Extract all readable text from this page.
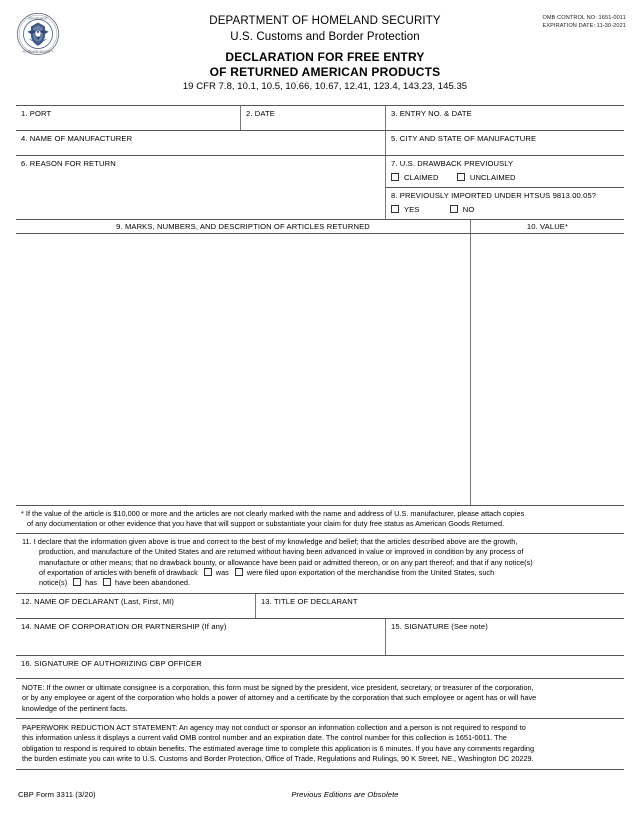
DEPARTMENT
HOMELAND SECURITY
OMB CONTROL NO: 1651-0011
EXPIRATION DATE: 11-30-2021
DEPARTMENT OF HOMELAND SECURITY
U.S. Customs and Border Protection
DECLARATION FOR FREE ENTRY
OF RETURNED AMERICAN PRODUCTS
19 CFR 7.8, 10.1, 10.5, 10.66, 10.67, 12.41, 123.4, 143.23, 145.35
1. PORT	2. DATE	3. ENTRY NO. & DATE
4. NAME OF MANUFACTURER	5. CITY AND STATE OF MANUFACTURE
6. REASON FOR RETURN	7. U.S. DRAWBACK PREVIOUSLY
CLAIMED	UNCLAIMED
8. PREVIOUSLY IMPORTED UNDER HTSUS 9813.00.05?
YES	NO
9. MARKS, NUMBERS, AND DESCRIPTION OF ARTICLES RETURNED	10. VALUE*
* If the value of the article is $10,000 or more and the articles are not clearly marked with the name and address of U.S. manufacturer, please attach copies
of any documentation or other evidence that you have that will support or substantiate your claim for duty free status as American Goods Returned.
11. I declare that the information given above is true and correct to the best of my knowledge and belief; that the articles described above are the growth,
production, and manufacture of the United States and are returned without having been advanced in value or improved in condition by any process of
manufacture or other means; that no drawback bounty, or allowance have been paid or admitted thereon, or on any part thereof; and that if any notice(s)
of exportation of articles with benefit of drawback was were filed upon exportation of the merchandise from the United States, such
notice(s) has have been abandoned.
12. NAME OF DECLARANT (Last, First, MI)	13. TITLE OF DECLARANT
14. NAME OF CORPORATION OR PARTNERSHIP (If any)	15. SIGNATURE (See note)
16. SIGNATURE OF AUTHORIZING CBP OFFICER
NOTE: If the owner or ultimate consignee is a corporation, this form must be signed by the president, vice president, secretary, or treasurer of the corporation,
or by any employee or agent of the corporation who holds a power of attorney and a certificate by the corporation that such employee or agent has or will have
knowledge of the pertinent facts.
PAPERWORK REDUCTION ACT STATEMENT: An agency may not conduct or sponsor an information collection and a person is not required to respond to
this information unless it displays a current valid OMB control number and an expiration date. The control number for this collection is 1651-0011. The
obligation to respond is required to obtain benefits. The estimated average time to complete this application is 6 minutes. If you have any comments regarding
the burden estimate you can write to U.S. Customs and Border Protection, Office of Trade, Regulations and Rulings, 90 K Street, NE., Washington DC 20229.
CBP Form 3311 (3/20)	Previous Editions are Obsolete
